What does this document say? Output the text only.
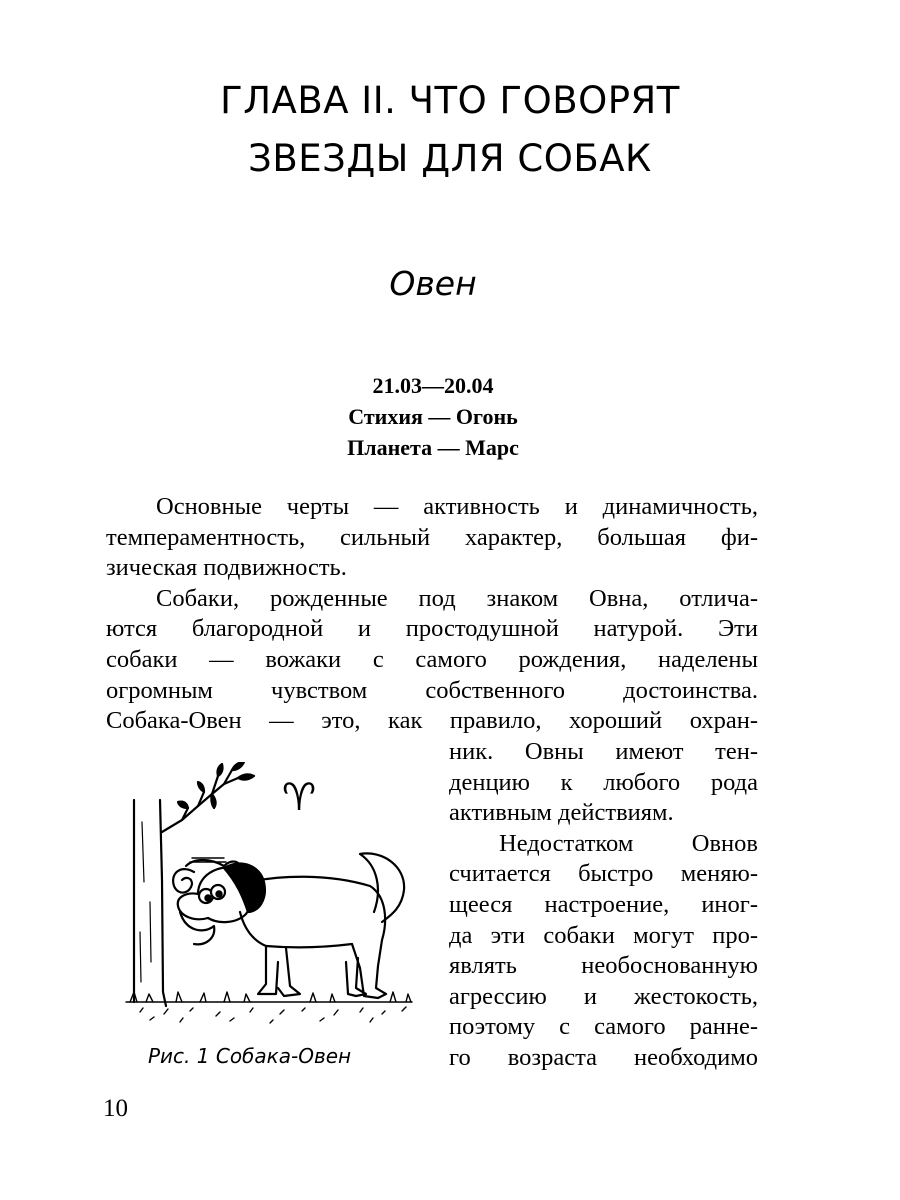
ГЛАВА II. ЧТО ГОВОРЯТ
ЗВЕЗДЫ ДЛЯ СОБАК
Овен
21.03—20.04
Стихия — Огонь
Планета — Марс
Основные черты — активность и динамичность,
темпераментность, сильный характер, большая фи-
зическая подвижность.
Собаки, рожденные под знаком Овна, отлича-
ются благородной и простодушной натурой. Эти
собаки — вожаки с самого рождения, наделены
огромным чувством собственного достоинства.
Собака-Овен — это, как правило, хороший охран-
ник. Овны имеют тен-
денцию к любого рода
активным действиям.
Недостатком Овнов
считается быстро меняю-
щееся настроение, иног-
да эти собаки могут про-
являть необоснованную
агрессию и жестокость,
поэтому с самого ранне-
го возраста необходимо
♈
Рис. 1 Собака-Овен
10
